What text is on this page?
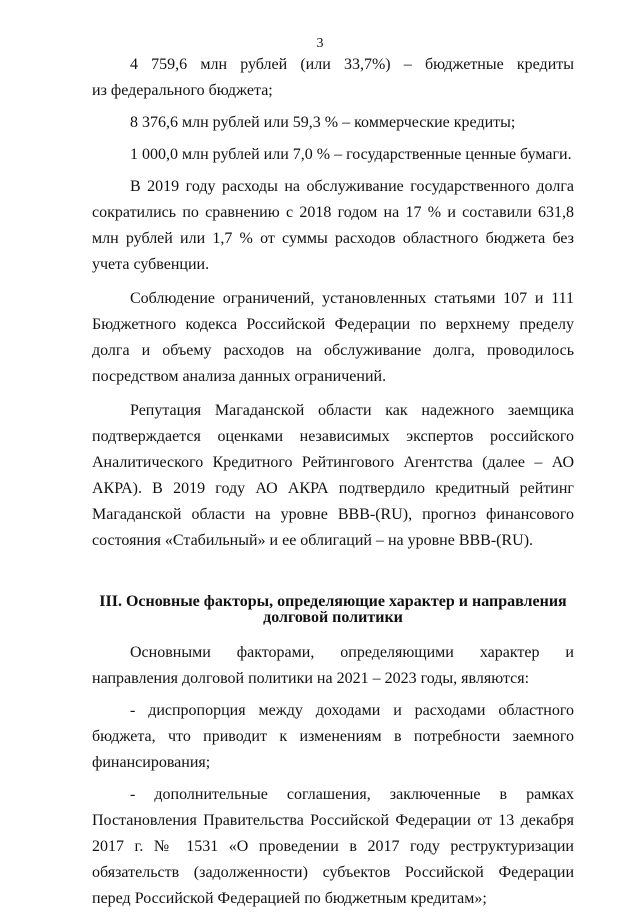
3

4 759,6 млн рублей (или 33,7%) – бюджетные кредиты

из федерального бюджета;

8 376,6 млн рублей или 59,3 % – коммерческие кредиты;

1 000,0 млн рублей или 7,0 % – государственные ценные бумаги.

В 2019 году расходы на обслуживание государственного долга сократились по сравнению с 2018 годом на 17 % и составили 631,8 млн рублей или 1,7 % от суммы расходов областного бюджета без учета субвенции.

Соблюдение ограничений, установленных статьями 107 и 111 Бюджетного кодекса Российской Федерации по верхнему пределу долга и объему расходов на обслуживание долга, проводилось посредством анализа данных ограничений.

Репутация Магаданской области как надежного заемщика подтверждается оценками независимых экспертов российского Аналитического Кредитного Рейтингового Агентства (далее – АО АКРА). В 2019 году АО АКРА подтвердило кредитный рейтинг Магаданской области на уровне BBB-(RU), прогноз финансового состояния «Стабильный» и ее облигаций – на уровне BBB-(RU).

III. Основные факторы, определяющие характер и направления
долговой политики

Основными факторами, определяющими характер и направления долговой политики на 2021 – 2023 годы, являются:

- диспропорция между доходами и расходами областного бюджета, что приводит к изменениям в потребности заемного финансирования;

- дополнительные соглашения, заключенные в рамках Постановления Правительства Российской Федерации от 13 декабря 2017 г. № 1531 «О проведении в 2017 году реструктуризации обязательств (задолженности) субъектов Российской Федерации перед Российской Федерацией по бюджетным кредитам»;
